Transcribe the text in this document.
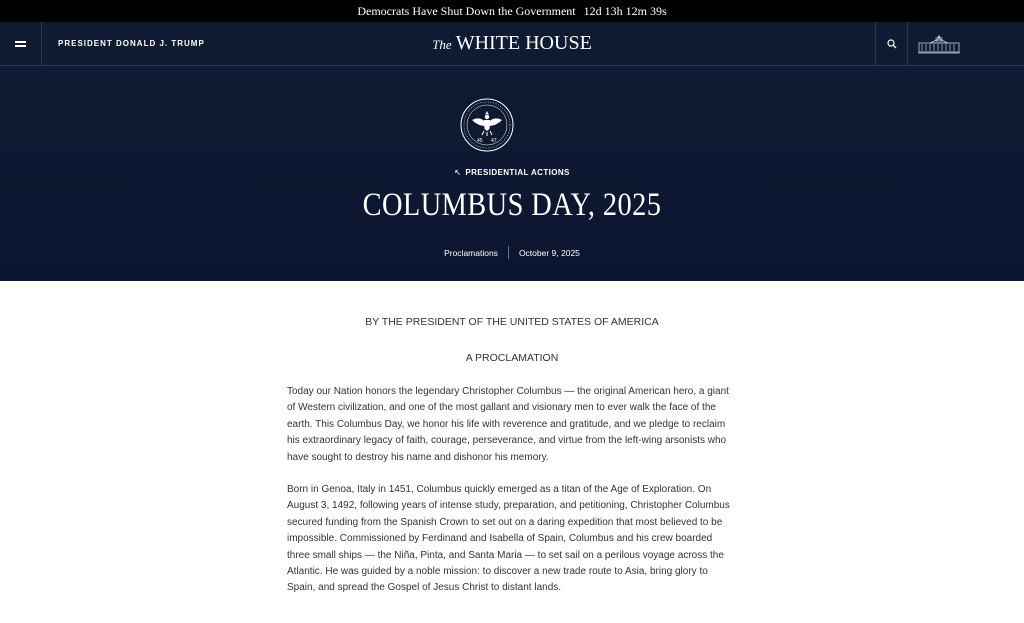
Democrats Have Shut Down the Government 12d 13h 12m 39s
PRESIDENT DONALD J. TRUMP	The WHITE HOUSE
45 47
↖ PRESIDENTIAL ACTIONS
COLUMBUS DAY, 2025
Proclamations October 9, 2025
BY THE PRESIDENT OF THE UNITED STATES OF AMERICA
A PROCLAMATION

Today our Nation honors the legendary Christopher Columbus — the original American hero, a giant of Western civilization, and one of the most gallant and visionary men to ever walk the face of the earth. This Columbus Day, we honor his life with reverence and gratitude, and we pledge to reclaim his extraordinary legacy of faith, courage, perseverance, and virtue from the left-wing arsonists who have sought to destroy his name and dishonor his memory.

Born in Genoa, Italy in 1451, Columbus quickly emerged as a titan of the Age of Exploration. On August 3, 1492, following years of intense study, preparation, and petitioning, Christopher Columbus secured funding from the Spanish Crown to set out on a daring expedition that most believed to be impossible. Commissioned by Ferdinand and Isabella of Spain, Columbus and his crew boarded three small ships — the Niña, Pinta, and Santa Maria — to set sail on a perilous voyage across the Atlantic. He was guided by a noble mission: to discover a new trade route to Asia, bring glory to Spain, and spread the Gospel of Jesus Christ to distant lands.
